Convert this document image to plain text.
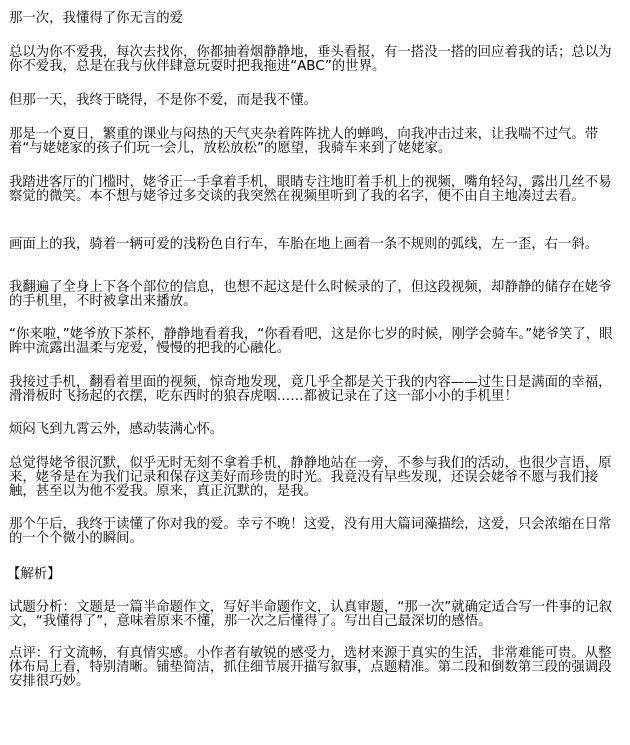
那一次，我懂得了你无言的爱

总以为你不爱我，每次去找你，你都抽着烟静静地，垂头看报，有一搭没一搭的回应着我的话；总以为你不爱我，总是在我与伙伴肆意玩耍时把我拖进“ABC”的世界。

但那一天，我终于晓得，不是你不爱，而是我不懂。

那是一个夏日，繁重的课业与闷热的天气夹杂着阵阵扰人的蝉鸣，向我冲击过来，让我喘不过气。带着“与姥姥家的孩子们玩一会儿，放松放松”的愿望，我骑车来到了姥姥家。

我踏进客厅的门槛时，姥爷正一手拿着手机，眼睛专注地盯着手机上的视频，嘴角轻勾，露出几丝不易察觉的微笑。本不想与姥爷过多交谈的我突然在视频里听到了我的名字，便不由自主地凑过去看。

画面上的我，骑着一辆可爱的浅粉色自行车，车胎在地上画着一条不规则的弧线，左一歪，右一斜。

我翻遍了全身上下各个部位的信息，也想不起这是什么时候录的了，但这段视频，却静静的储存在姥爷的手机里，不时被拿出来播放。

“你来啦，”姥爷放下茶杯，静静地看着我，“你看看吧，这是你七岁的时候，刚学会骑车。”姥爷笑了，眼眸中流露出温柔与宠爱，慢慢的把我的心融化。

我接过手机，翻看着里面的视频，惊奇地发现，竟几乎全都是关于我的内容——过生日是满面的幸福，滑滑板时飞扬起的衣摆，吃东西时的狼吞虎咽……都被记录在了这一部小小的手机里！

烦闷飞到九霄云外，感动装满心怀。

总觉得姥爷很沉默，似乎无时无刻不拿着手机，静静地站在一旁，不参与我们的活动，也很少言语，原来，姥爷是在为我们记录和保存这美好而珍贵的时光。我竟没有早些发现，还误会姥爷不愿与我们接触，甚至以为他不爱我。原来，真正沉默的，是我。

那个午后，我终于读懂了你对我的爱。幸亏不晚！这爱，没有用大篇词藻描绘，这爱，只会浓缩在日常的一个个微小的瞬间。

【解析】

试题分析：文题是一篇半命题作文，写好半命题作文，认真审题，“那一次”就确定适合写一件事的记叙文，“我懂得了”，意味着原来不懂，那一次之后懂得了。写出自己最深切的感悟。

点评：行文流畅，有真情实感。小作者有敏锐的感受力，选材来源于真实的生活，非常难能可贵。从整体布局上看，特别清晰。铺垫简洁，抓住细节展开描写叙事，点题精准。第二段和倒数第三段的强调段安排很巧妙。
